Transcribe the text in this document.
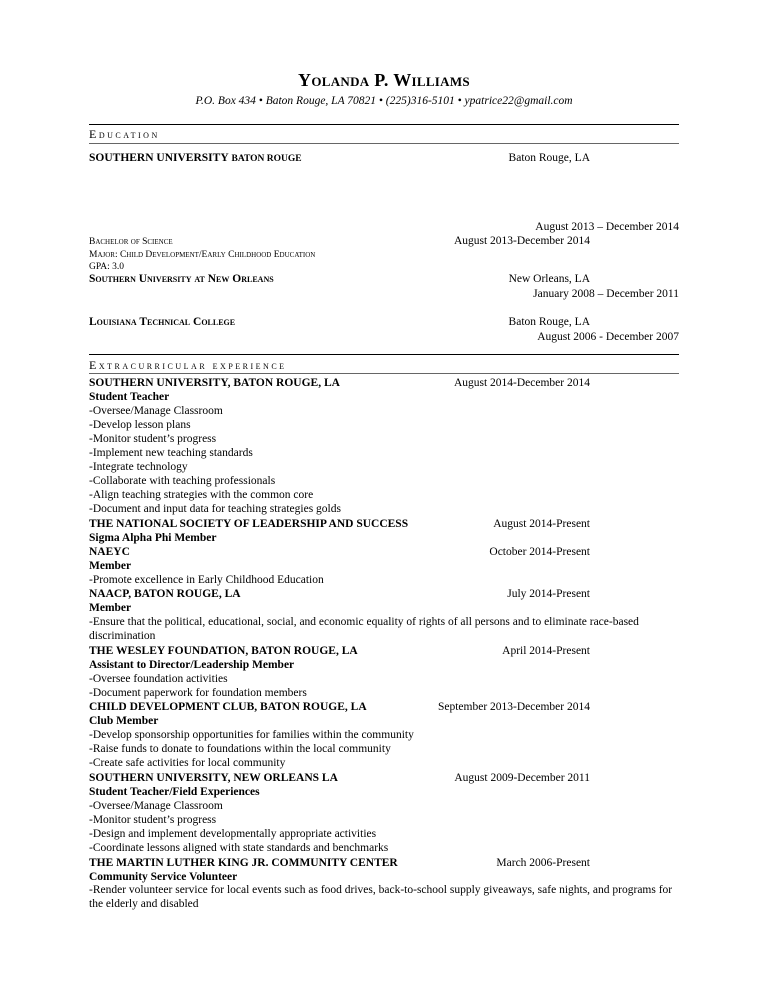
Yolanda P. Williams
P.O. Box 434 • Baton Rouge, LA 70821 • (225)316-5101 • ypatrice22@gmail.com
Education
SOUTHERN UNIVERSITY BATON ROUGE	Baton Rouge, LA
August 2013 – December 2014
Bachelor of Science	August 2013-December 2014
Major: Child Development/Early Childhood Education
GPA: 3.0
Southern University at New Orleans	New Orleans, LA
January 2008 – December 2011
Louisiana Technical College	Baton Rouge, LA
August 2006 - December 2007
Extracurricular experience
SOUTHERN UNIVERSITY, BATON ROUGE, LA	August 2014-December 2014
Student Teacher
-Oversee/Manage Classroom
-Develop lesson plans
-Monitor student’s progress
-Implement new teaching standards
-Integrate technology
-Collaborate with teaching professionals
-Align teaching strategies with the common core
-Document and input data for teaching strategies golds
THE NATIONAL SOCIETY OF LEADERSHIP AND SUCCESS	August 2014-Present
Sigma Alpha Phi Member
NAEYC	October 2014-Present
Member
-Promote excellence in Early Childhood Education
NAACP, BATON ROUGE, LA	July 2014-Present
Member
-Ensure that the political, educational, social, and economic equality of rights of all persons and to eliminate race-based discrimination
THE WESLEY FOUNDATION, BATON ROUGE, LA	April 2014-Present
Assistant to Director/Leadership Member
-Oversee foundation activities
-Document paperwork for foundation members
CHILD DEVELOPMENT CLUB, BATON ROUGE, LA	September 2013-December 2014
Club Member
-Develop sponsorship opportunities for families within the community
-Raise funds to donate to foundations within the local community
-Create safe activities for local community
SOUTHERN UNIVERSITY, NEW ORLEANS LA	August 2009-December 2011
Student Teacher/Field Experiences
-Oversee/Manage Classroom
-Monitor student’s progress
-Design and implement developmentally appropriate activities
-Coordinate lessons aligned with state standards and benchmarks
THE MARTIN LUTHER KING JR. COMMUNITY CENTER	March 2006-Present
Community Service Volunteer
-Render volunteer service for local events such as food drives, back-to-school supply giveaways, safe nights, and programs for the elderly and disabled
